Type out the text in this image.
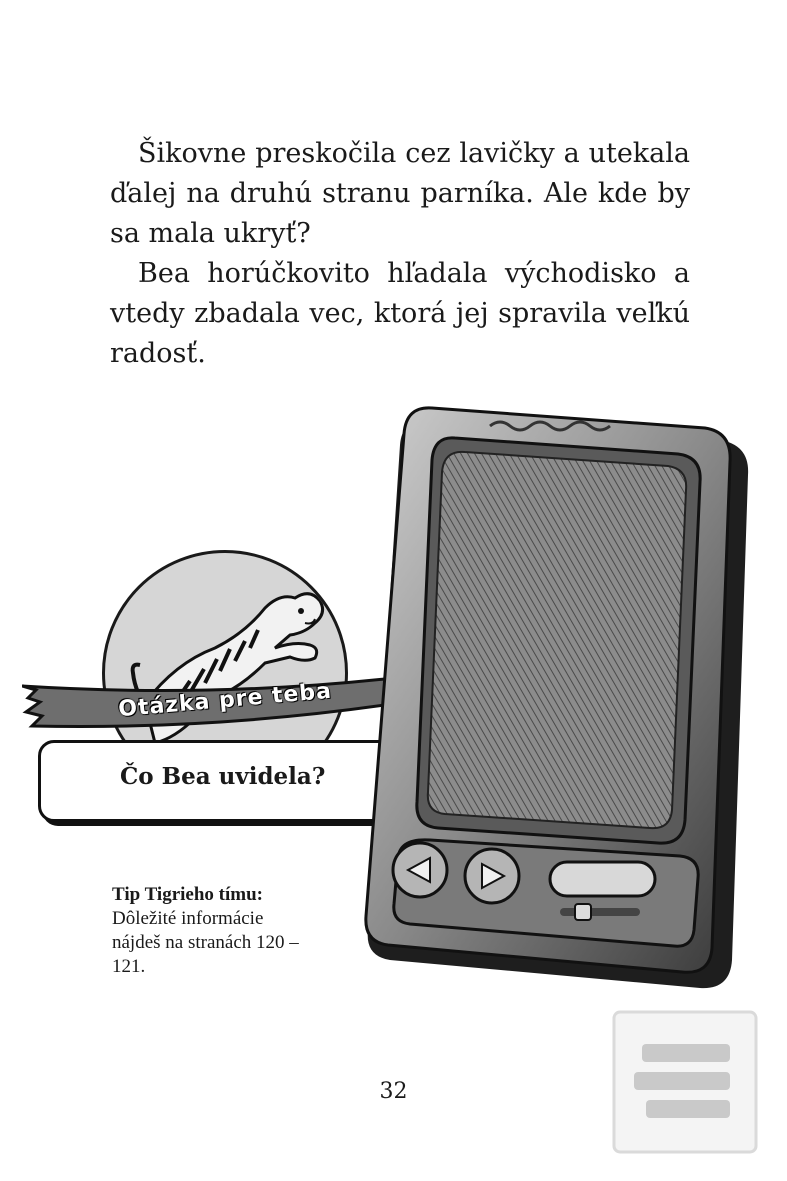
Šikovne preskočila cez lavičky a utekala ďalej na druhú stranu parníka. Ale kde by sa mala ukryť?

Bea horúčkovito hľadala východisko a vtedy zbadala vec, ktorá jej spravila veľkú radosť.

Otázka pre teba
Čo Bea uvidela?
Tip Tigrieho tímu:
Dôležité informácie nájdeš na stranách 120 – 121.
32
